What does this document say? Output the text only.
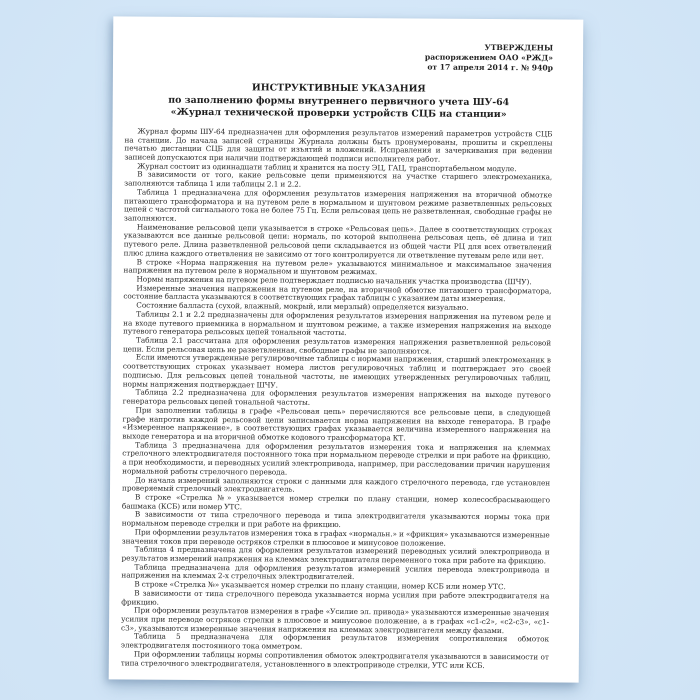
УТВЕРЖДЕНЫ
распоряжением ОАО «РЖД»
от 17 апреля 2014 г. № 940р
ИНСТРУКТИВНЫЕ УКАЗАНИЯ
по заполнению формы внутреннего первичного учета ШУ-64
«Журнал технической проверки устройств СЦБ на станции»

Журнал формы ШУ-64 предназначен для оформления результатов измерений параметров устройств СЦБ на станции. До начала записей страницы Журнала должны быть пронумерованы, прошиты и скреплены печатью дистанции СЦБ для защиты от изъятий и вложений. Исправления и зачеркивания при ведении записей допускаются при наличии подтверждающей подписи исполнителя работ.

Журнал состоит из одиннадцати таблиц и хранится на посту ЭЦ, ГАЦ, транспортабельном модуле.

В зависимости от того, какие рельсовые цепи применяются на участке старшего электромеханика, заполняются таблица 1 или таблицы 2.1 и 2.2.

Таблица 1 предназначена для оформления результатов измерения напряжения на вторичной обмотке питающего трансформатора и на путевом реле в нормальном и шунтовом режиме разветвленных рельсовых цепей с частотой сигнального тока не более 75 Гц. Если рельсовая цепь не разветвленная, свободные графы не заполняются.

Наименование рельсовой цепи указывается в строке «Рельсовая цепь». Далее в соответствующих строках указываются все данные рельсовой цепи: нормаль, по которой выполнена рельсовая цепь, её длина и тип путевого реле. Длина разветвленной рельсовой цепи складывается из общей части РЦ для всех ответвлений плюс длина каждого ответвления не зависимо от того контролируется ли ответвление путевым реле или нет.

В строке «Норма напряжения на путевом реле» указываются минимальное и максимальное значения напряжения на путевом реле в нормальном и шунтовом режимах.

Нормы напряжения на путевом реле подтверждает подписью начальник участка производства (ШЧУ).

Измеренные значения напряжения на путевом реле, на вторичной обмотке питающего трансформатора, состояние балласта указываются в соответствующих графах таблицы с указанием даты измерения.

Состояние балласта (сухой, влажный, мокрый, или мерзлый) определяется визуально.

Таблицы 2.1 и 2.2 предназначены для оформления результатов измерения напряжения на путевом реле и на входе путевого приемника в нормальном и шунтовом режиме, а также измерения напряжения на выходе путевого генератора рельсовых цепей тональной частоты.

Таблица 2.1 рассчитана для оформления результатов измерения напряжения разветвленной рельсовой цепи. Если рельсовая цепь не разветвленная, свободные графы не заполняются.

Если имеются утвержденные регулировочные таблицы с нормами напряжения, старший электромеханик в соответствующих строках указывает номера листов регулировочных таблиц и подтверждает это своей подписью. Для рельсовых цепей тональной частоты, не имеющих утвержденных регулировочных таблиц, нормы напряжения подтверждает ШЧУ.

Таблица 2.2 предназначена для оформления результатов измерения напряжения на выходе путевого генератора рельсовых цепей тональной частоты.

При заполнении таблицы в графе «Рельсовая цепь» перечисляются все рельсовые цепи, в следующей графе напротив каждой рельсовой цепи записывается норма напряжения на выходе генератора. В графе «Измеренное напряжение», в соответствующих графах указывается величина измеренного напряжения на выходе генератора и на вторичной обмотке кодового трансформатора КТ.

Таблица 3 предназначена для оформления результатов измерения тока и напряжения на клеммах стрелочного электродвигателя постоянного тока при нормальном переводе стрелки и при работе на фрикцию, а при необходимости, и переводных усилий электропривода, например, при расследовании причин нарушения нормальной работы стрелочного перевода.

До начала измерений заполняются строки с данными для каждого стрелочного перевода, где установлен проверяемый стрелочный электродвигатель.

В строке «Стрелка №» указывается номер стрелки по плану станции, номер колесосбрасывающего башмака (КСБ) или номер УТС.

В зависимости от типа стрелочного перевода и типа электродвигателя указываются нормы тока при нормальном переводе стрелки и при работе на фрикцию.

При оформлении результатов измерения тока в графах «нормальн.» и «фрикция» указываются измеренные значения токов при переводе остряков стрелки в плюсовое и минусовое положение.

Таблица 4 предназначена для оформления результатов измерений переводных усилий электропривода и результатов измерений напряжения на клеммах электродвигателя переменного тока при работе на фрикцию.

Таблица предназначена для оформления результатов измерений усилия перевода электропривода и напряжения на клеммах 2-х стрелочных электродвигателей.

В строке «Стрелка №» указывается номер стрелки по плану станции, номер КСБ или номер УТС.

В зависимости от типа стрелочного перевода указывается норма усилия при работе электродвигателя на фрикцию.

При оформлении результатов измерения в графе «Усилие эл. привода» указываются измеренные значения усилия при переводе остряков стрелки в плюсовое и минусовое положение, а в графах «с1-с2», «с2-с3», «с1-с3», указываются измеренные значения напряжения на клеммах электродвигателя между фазами.

Таблица 5 предназначена для оформления результатов измерения сопротивления обмоток электродвигателя постоянного тока омметром.

При оформлении таблицы нормы сопротивления обмоток электродвигателя указываются в зависимости от типа стрелочного электродвигателя, установленного в электроприводе стрелки, УТС или КСБ.
